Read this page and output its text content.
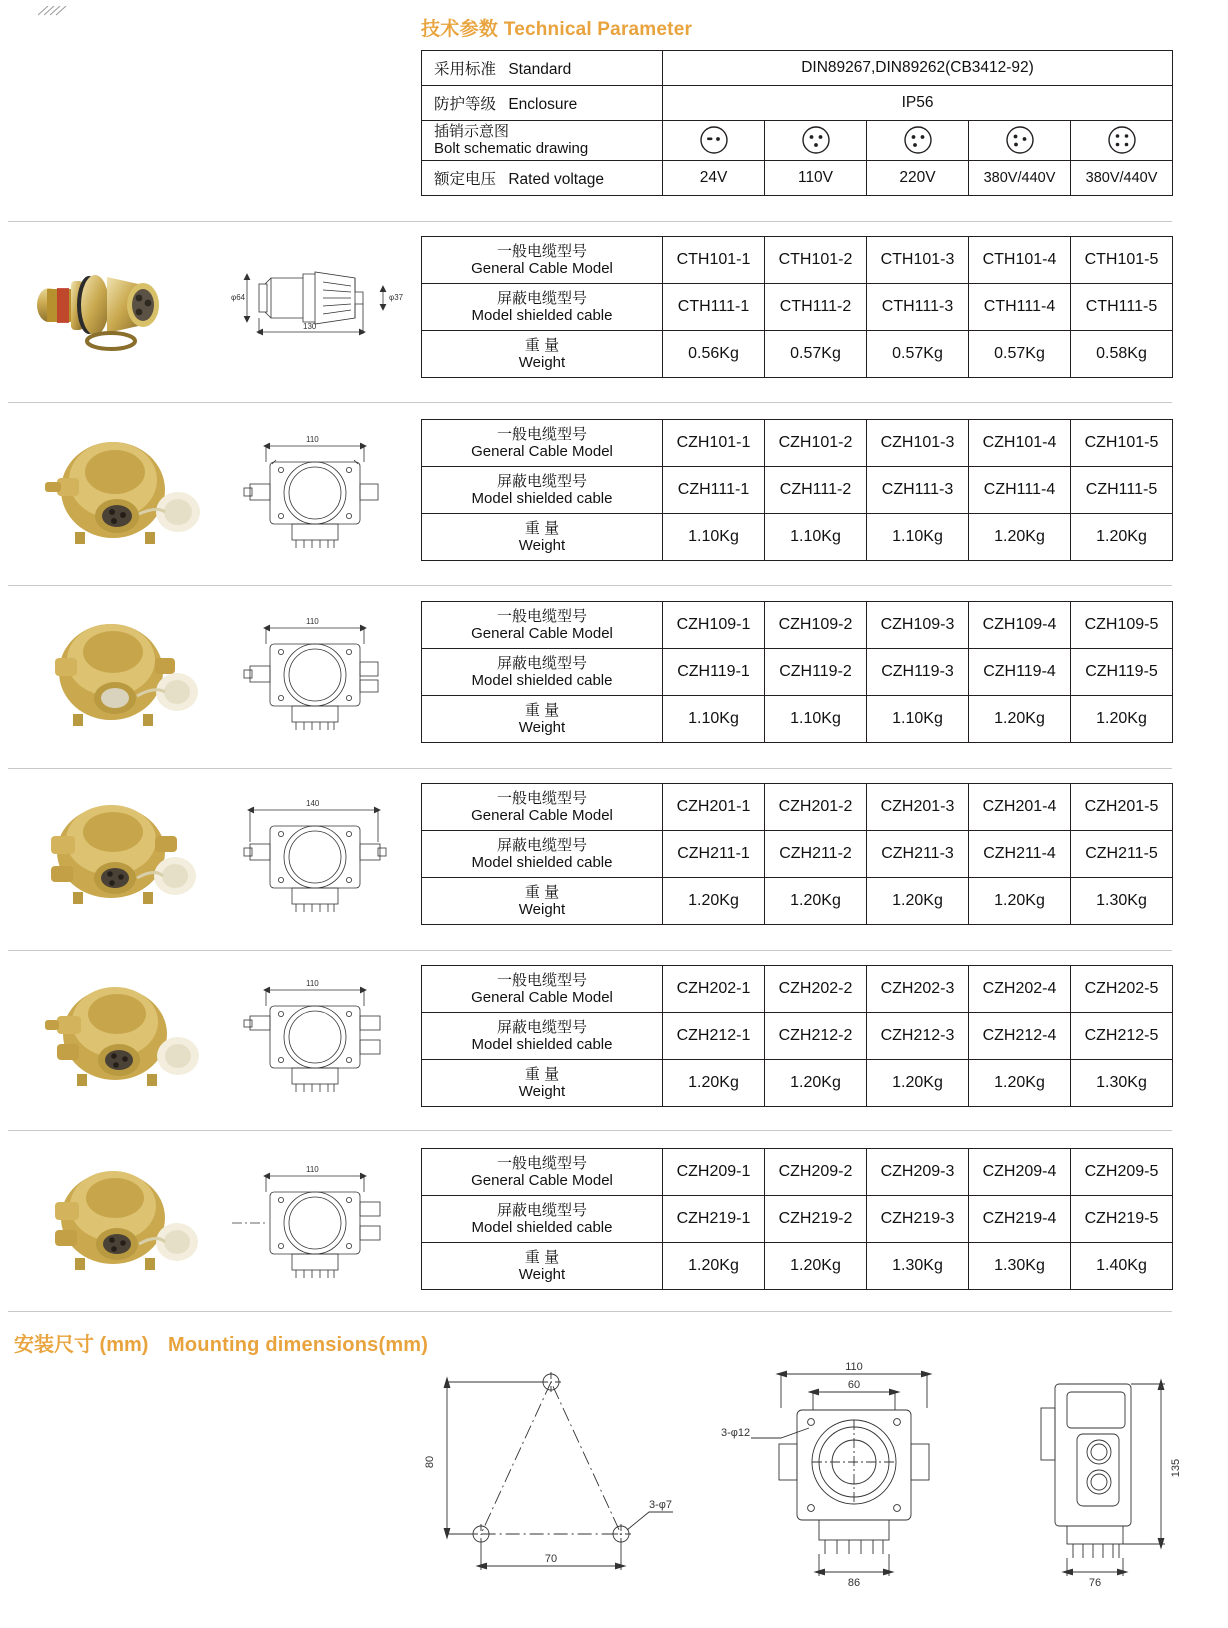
技术参数 Technical Parameter
采用标准 Standard	DIN89267,DIN89262(CB3412-92)				
防护等级 Enclosure	IP56				

插销示意图
Bolt schematic drawing

额定电压 Rated voltage	24V	110V	220V	380V/440V	380V/440V
φ64	φ37
130
一般电缆型号
General Cable Model	CTH101-1	CTH101-2	CTH101-3	CTH101-4	CTH101-5

屏蔽电缆型号
Model shielded cable	CTH111-1	CTH111-2	CTH111-3	CTH111-4	CTH111-5

重 量
Weight	0.56Kg	0.57Kg	0.57Kg	0.57Kg	0.58Kg
110	一般电缆型号
General Cable Model	CZH101-1	CZH101-2	CZH101-3	CZH101-4	CZH101-5

屏蔽电缆型号
Model shielded cable	CZH111-1	CZH111-2	CZH111-3	CZH111-4	CZH111-5

重 量
Weight	1.10Kg	1.10Kg	1.10Kg	1.20Kg	1.20Kg
110	一般电缆型号
General Cable Model	CZH109-1	CZH109-2	CZH109-3	CZH109-4	CZH109-5

屏蔽电缆型号
Model shielded cable	CZH119-1	CZH119-2	CZH119-3	CZH119-4	CZH119-5

重 量
Weight	1.10Kg	1.10Kg	1.10Kg	1.20Kg	1.20Kg
140	一般电缆型号
General Cable Model	CZH201-1	CZH201-2	CZH201-3	CZH201-4	CZH201-5

屏蔽电缆型号
Model shielded cable	CZH211-1	CZH211-2	CZH211-3	CZH211-4	CZH211-5

重 量
Weight	1.20Kg	1.20Kg	1.20Kg	1.20Kg	1.30Kg
110	一般电缆型号
General Cable Model	CZH202-1	CZH202-2	CZH202-3	CZH202-4	CZH202-5

屏蔽电缆型号
Model shielded cable	CZH212-1	CZH212-2	CZH212-3	CZH212-4	CZH212-5

重 量
Weight	1.20Kg	1.20Kg	1.20Kg	1.20Kg	1.30Kg
110	一般电缆型号
General Cable Model	CZH209-1	CZH209-2	CZH209-3	CZH209-4	CZH209-5

屏蔽电缆型号
Model shielded cable	CZH219-1	CZH219-2	CZH219-3	CZH219-4	CZH219-5

重 量
Weight	1.20Kg	1.20Kg	1.30Kg	1.30Kg	1.40Kg
安装尺寸 (mm) Mounting dimensions(mm)
80
70
3-φ7
110
60
3-φ12
86
135
76
